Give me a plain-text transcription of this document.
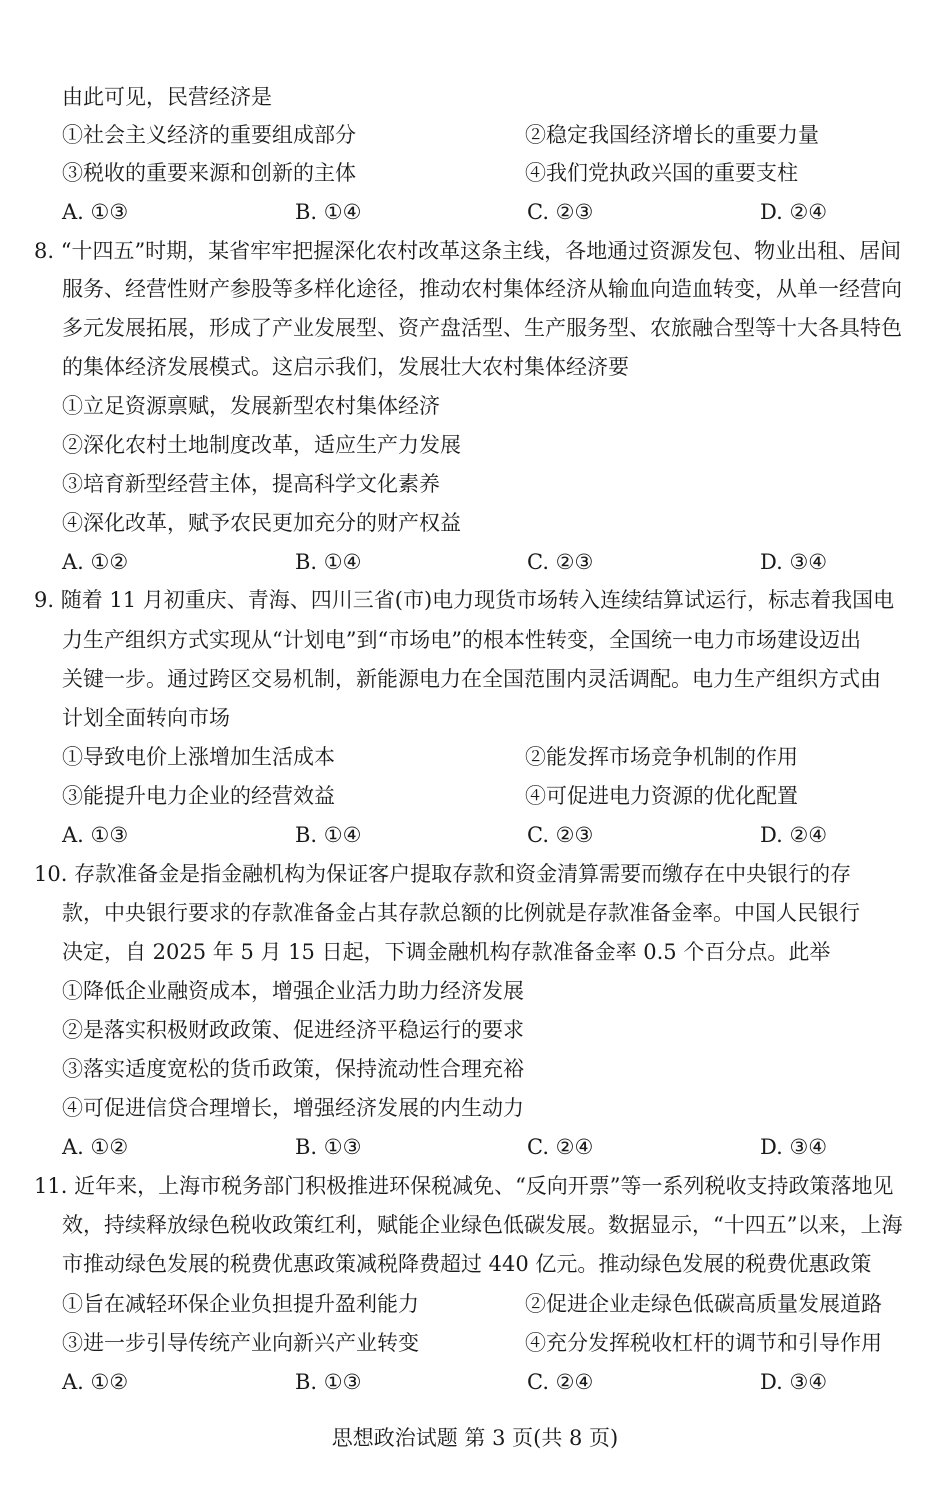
由此可见，民营经济是
①社会主义经济的重要组成部分	②稳定我国经济增长的重要力量
③税收的重要来源和创新的主体	④我们党执政兴国的重要支柱
A. ①③	B. ①④	C. ②③	D. ②④
8. “十四五”时期，某省牢牢把握深化农村改革这条主线，各地通过资源发包、物业出租、居间
服务、经营性财产参股等多样化途径，推动农村集体经济从输血向造血转变，从单一经营向
多元发展拓展，形成了产业发展型、资产盘活型、生产服务型、农旅融合型等十大各具特色
的集体经济发展模式。这启示我们，发展壮大农村集体经济要
①立足资源禀赋，发展新型农村集体经济
②深化农村土地制度改革，适应生产力发展
③培育新型经营主体，提高科学文化素养
④深化改革，赋予农民更加充分的财产权益
A. ①②	B. ①④	C. ②③	D. ③④
9. 随着 11 月初重庆、青海、四川三省(市)电力现货市场转入连续结算试运行，标志着我国电
力生产组织方式实现从“计划电”到“市场电”的根本性转变，全国统一电力市场建设迈出
关键一步。通过跨区交易机制，新能源电力在全国范围内灵活调配。电力生产组织方式由
计划全面转向市场
①导致电价上涨增加生活成本	②能发挥市场竞争机制的作用
③能提升电力企业的经营效益	④可促进电力资源的优化配置
A. ①③	B. ①④	C. ②③	D. ②④
10. 存款准备金是指金融机构为保证客户提取存款和资金清算需要而缴存在中央银行的存
款，中央银行要求的存款准备金占其存款总额的比例就是存款准备金率。中国人民银行
决定，自 2025 年 5 月 15 日起，下调金融机构存款准备金率 0.5 个百分点。此举
①降低企业融资成本，增强企业活力助力经济发展
②是落实积极财政政策、促进经济平稳运行的要求
③落实适度宽松的货币政策，保持流动性合理充裕
④可促进信贷合理增长，增强经济发展的内生动力
A. ①②	B. ①③	C. ②④	D. ③④
11. 近年来，上海市税务部门积极推进环保税减免、“反向开票”等一系列税收支持政策落地见
效，持续释放绿色税收政策红利，赋能企业绿色低碳发展。数据显示，“十四五”以来，上海
市推动绿色发展的税费优惠政策减税降费超过 440 亿元。推动绿色发展的税费优惠政策
①旨在减轻环保企业负担提升盈利能力	②促进企业走绿色低碳高质量发展道路
③进一步引导传统产业向新兴产业转变	④充分发挥税收杠杆的调节和引导作用
A. ①②	B. ①③	C. ②④	D. ③④
思想政治试题 第 3 页(共 8 页)
